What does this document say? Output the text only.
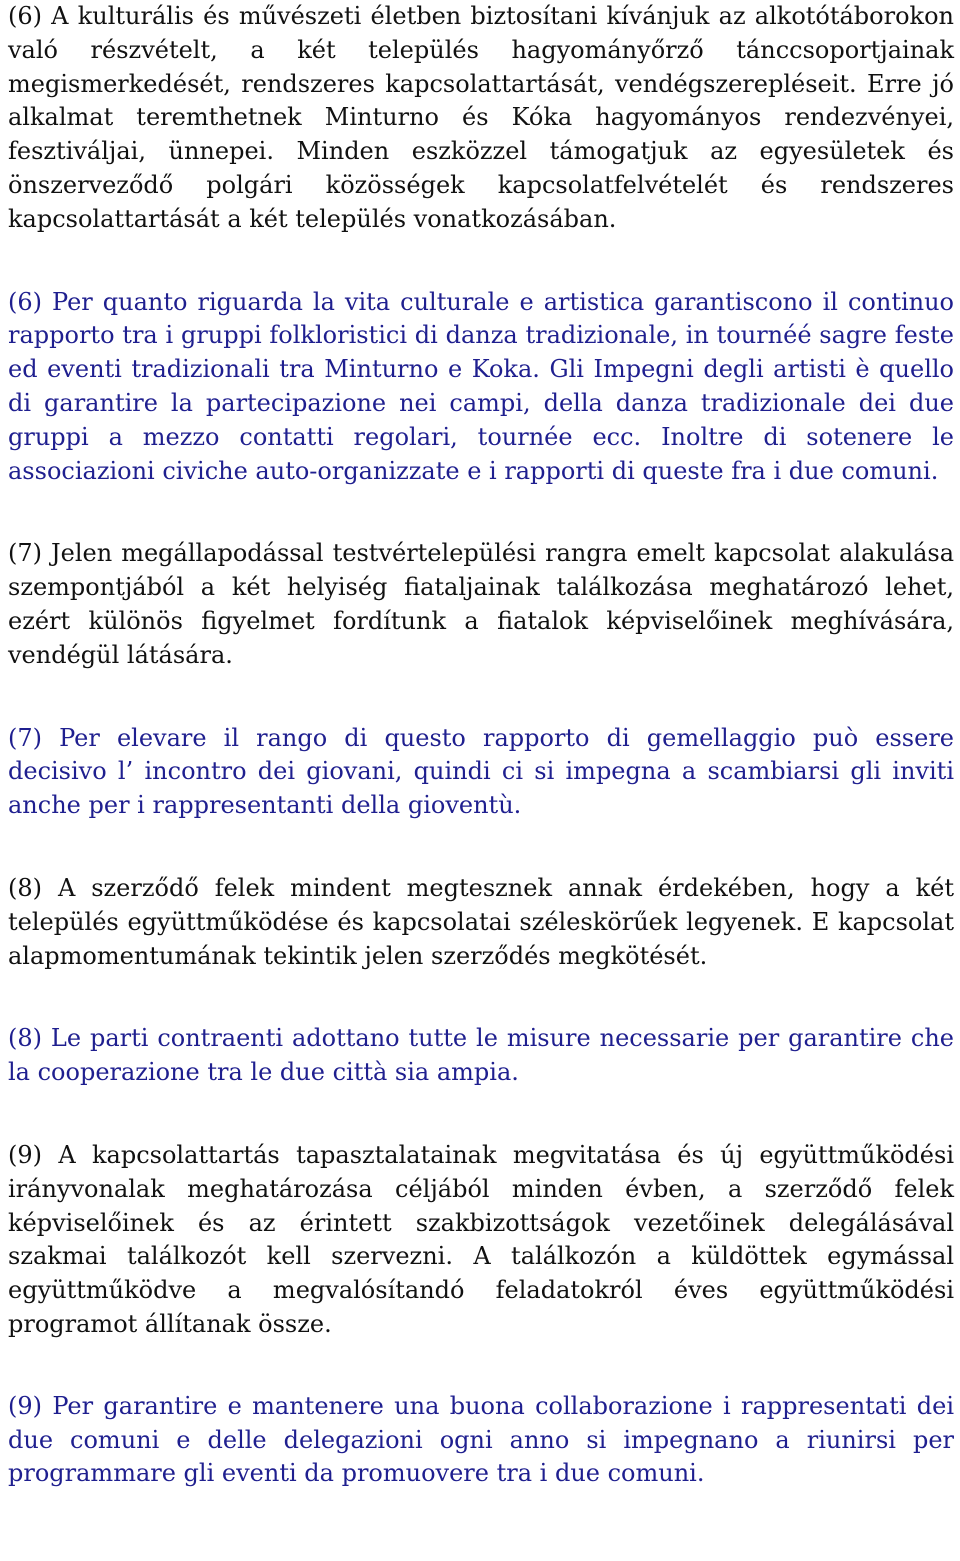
(6) A kulturális és művészeti életben biztosítani kívánjuk az alkotótáborokon való részvételt, a két település hagyományőrző tánccsoportjainak megismerkedését, rendszeres kapcsolattartását, vendégszerepléseit. Erre jó alkalmat teremthetnek Minturno és Kóka hagyományos rendezvényei, fesztiváljai, ünnepei. Minden eszközzel támogatjuk az egyesületek és önszerveződő polgári közösségek kapcsolatfelvételét és rendszeres kapcsolattartását a két település vonatkozásában.

(6) Per quanto riguarda la vita culturale e artistica garantiscono il continuo rapporto tra i gruppi folkloristici di danza tradizionale, in tournéé sagre feste ed eventi tradizionali tra Minturno e Koka. Gli Impegni degli artisti è quello di garantire la partecipazione nei campi, della danza tradizionale dei due gruppi a mezzo contatti regolari, tournée ecc. Inoltre di sotenere le associazioni civiche auto-organizzate e i rapporti di queste fra i due comuni.

(7) Jelen megállapodással testvértelepülési rangra emelt kapcsolat alakulása szempontjából a két helyiség fiataljainak találkozása meghatározó lehet, ezért különös figyelmet fordítunk a fiatalok képviselőinek meghívására, vendégül látására.

(7) Per elevare il rango di questo rapporto di gemellaggio può essere decisivo l’ incontro dei giovani, quindi ci si impegna a scambiarsi gli inviti anche per i rappresentanti della gioventù.

(8) A szerződő felek mindent megtesznek annak érdekében, hogy a két település együttműködése és kapcsolatai széleskörűek legyenek. E kapcsolat alapmomentumának tekintik jelen szerződés megkötését.

(8) Le parti contraenti adottano tutte le misure necessarie per garantire che la cooperazione tra le due città sia ampia.

(9) A kapcsolattartás tapasztalatainak megvitatása és új együttműködési irányvonalak meghatározása céljából minden évben, a szerződő felek képviselőinek és az érintett szakbizottságok vezetőinek delegálásával szakmai találkozót kell szervezni. A találkozón a küldöttek egymással együttműködve a megvalósítandó feladatokról éves együttműködési programot állítanak össze.

(9) Per garantire e mantenere una buona collaborazione i rappresentati dei due comuni e delle delegazioni ogni anno si impegnano a riunirsi per programmare gli eventi da promuovere tra i due comuni.
